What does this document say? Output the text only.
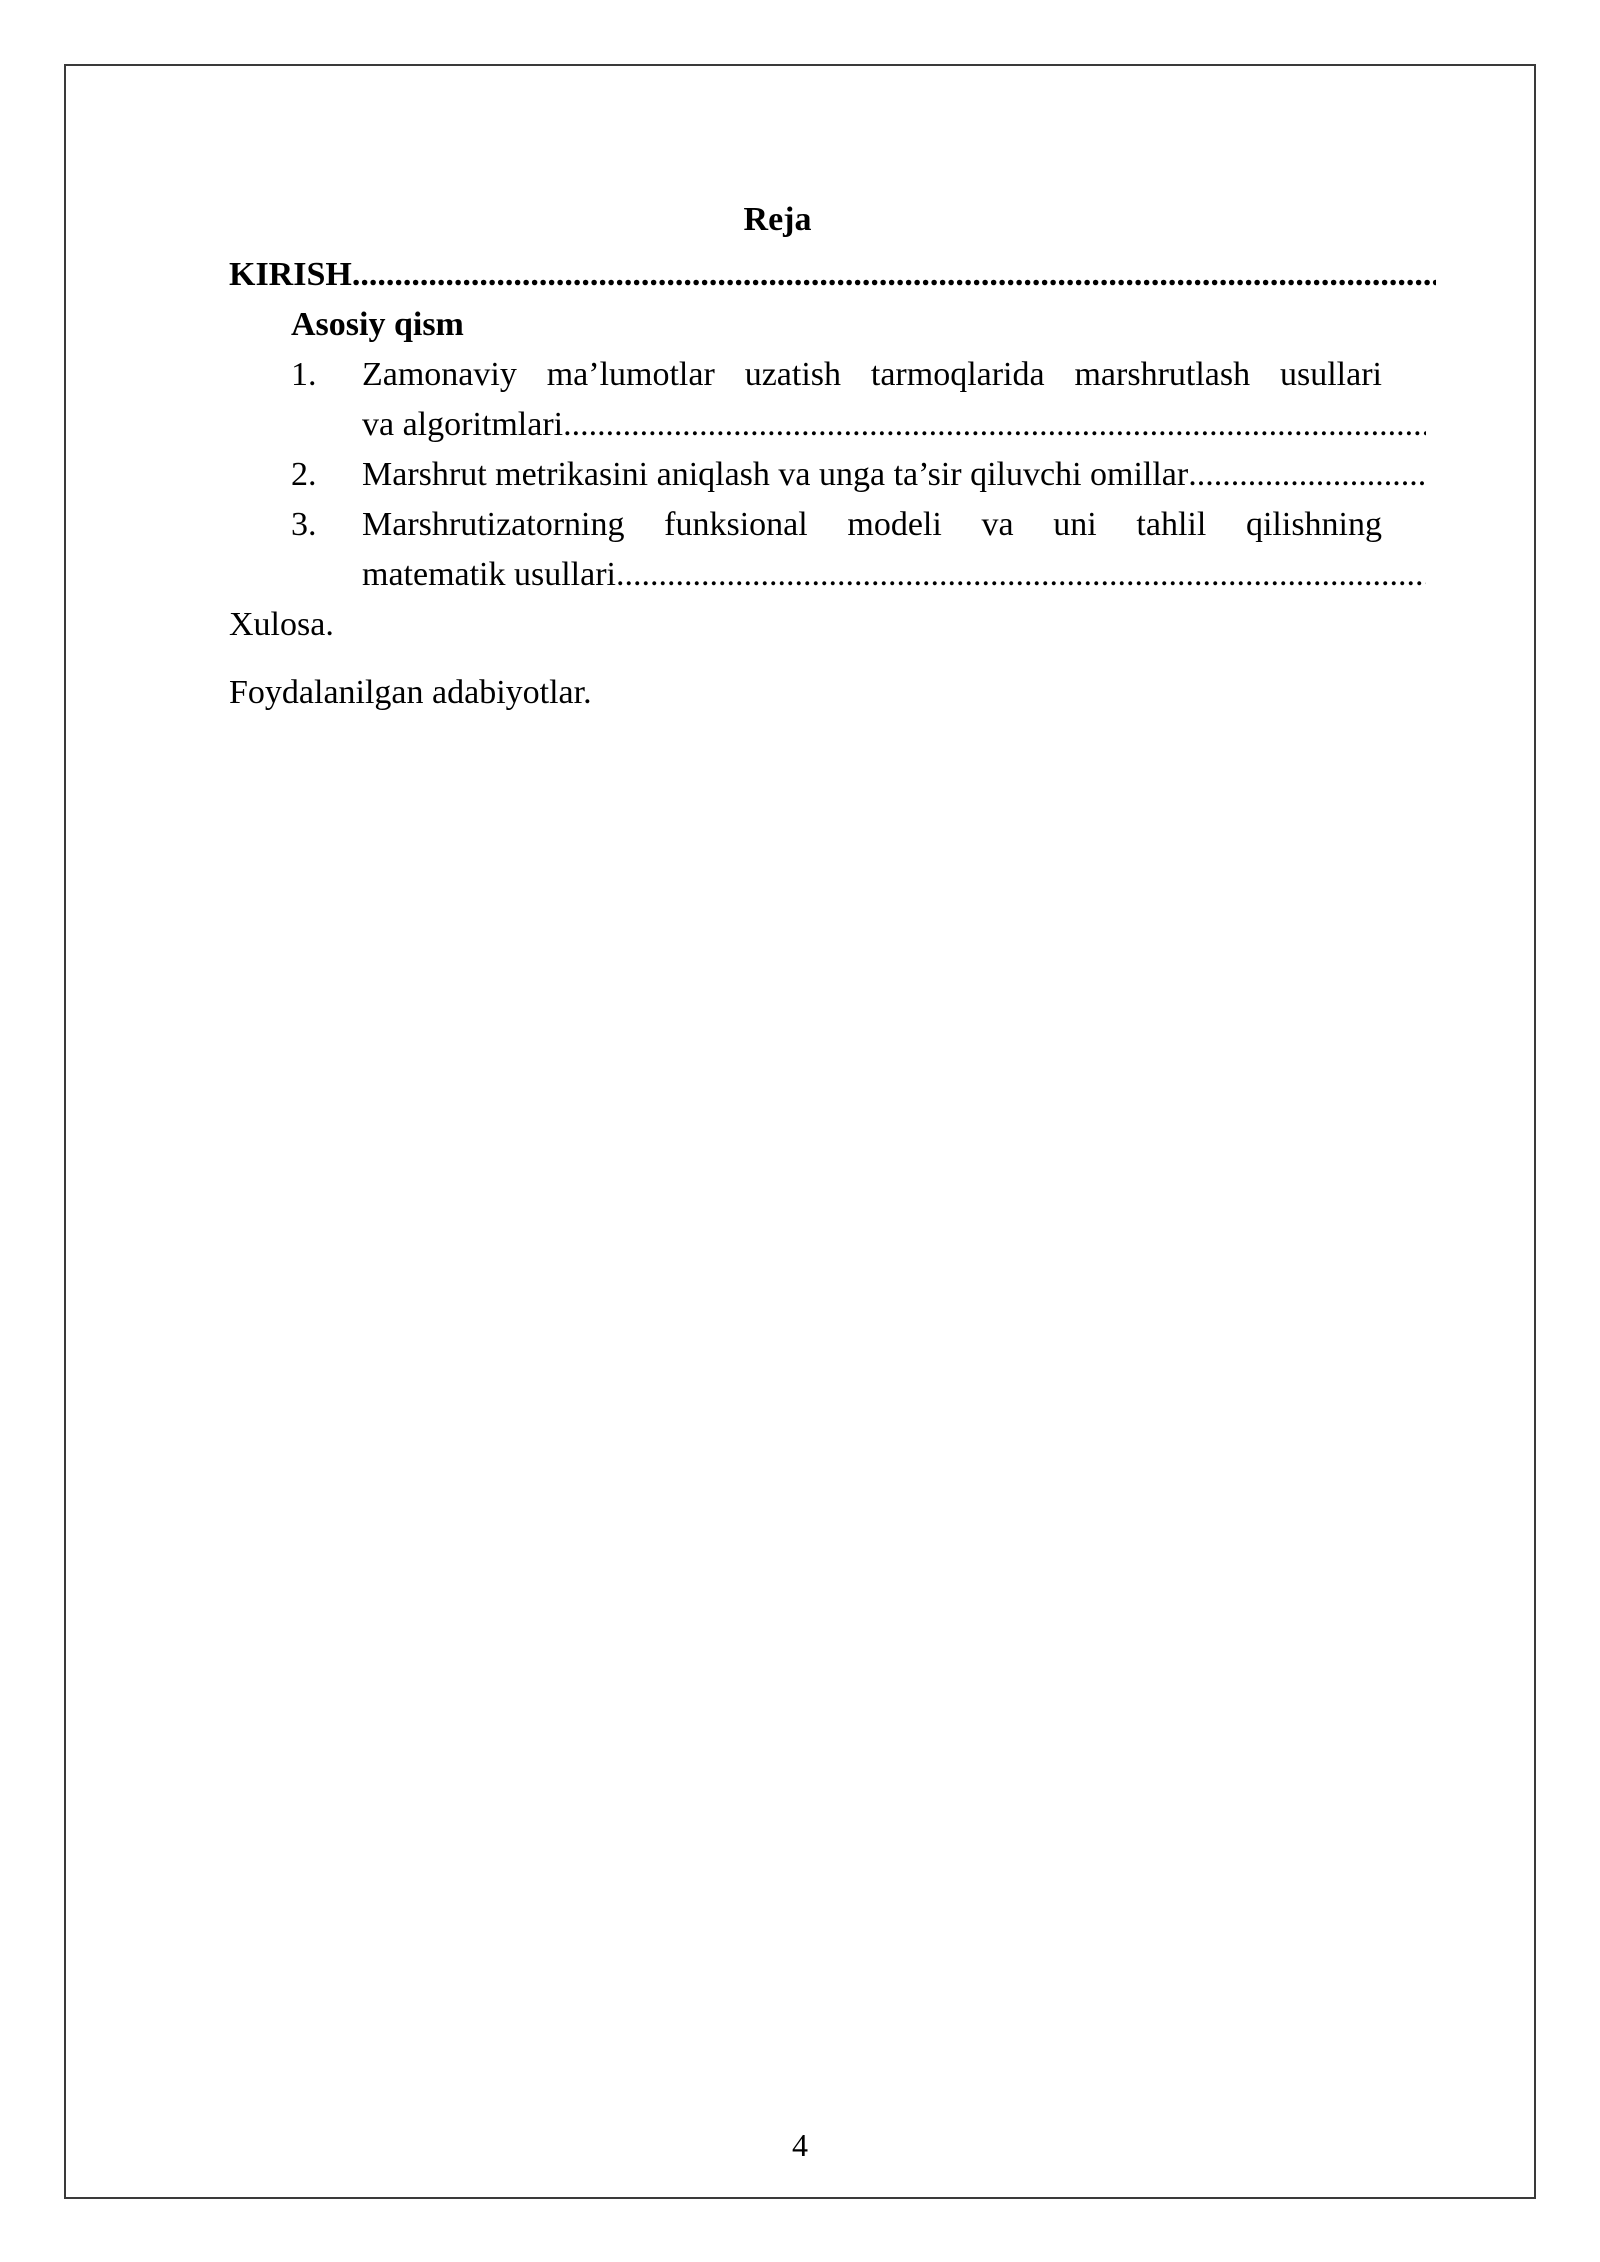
Reja
KIRISH
.....
Asosiy qism
1. Zamonaviy ma’lumotlar uzatish tarmoqlarida marshrutlash usullari
va algoritmlari
.....
2. Marshrut metrikasini aniqlash va unga ta’sir qiluvchi omillar
.....
3. Marshrutizatorning funksional modeli va uni tahlil qilishning
matematik usullari
.....
Xulosa.
Foydalanilgan adabiyotlar.
4
